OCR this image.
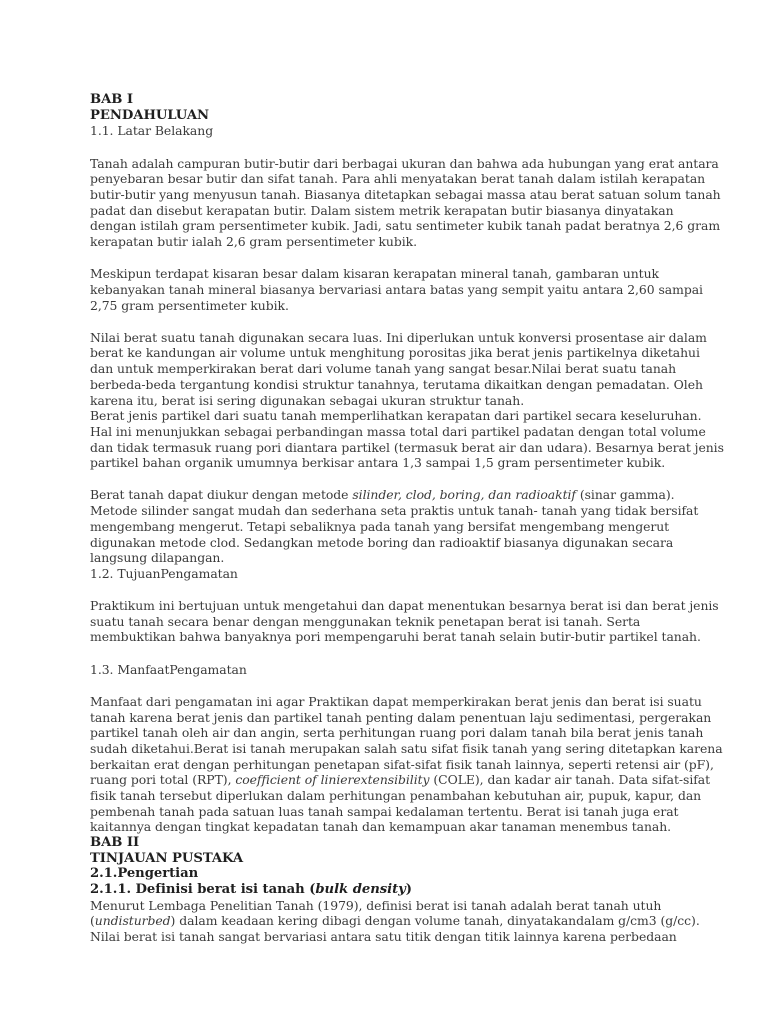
BAB I
PENDAHULUAN
1.1. Latar Belakang
Tanah adalah campuran butir-butir dari berbagai ukuran dan bahwa ada hubungan yang erat antara
penyebaran besar butir dan sifat tanah. Para ahli menyatakan berat tanah dalam istilah kerapatan
butir-butir yang menyusun tanah. Biasanya ditetapkan sebagai massa atau berat satuan solum tanah
padat dan disebut kerapatan butir. Dalam sistem metrik kerapatan butir biasanya dinyatakan
dengan istilah gram persentimeter kubik. Jadi, satu sentimeter kubik tanah padat beratnya 2,6 gram
kerapatan butir ialah 2,6 gram persentimeter kubik.
Meskipun terdapat kisaran besar dalam kisaran kerapatan mineral tanah, gambaran untuk
kebanyakan tanah mineral biasanya bervariasi antara batas yang sempit yaitu antara 2,60 sampai
2,75 gram persentimeter kubik.
Nilai berat suatu tanah digunakan secara luas. Ini diperlukan untuk konversi prosentase air dalam
berat ke kandungan air volume untuk menghitung porositas jika berat jenis partikelnya diketahui
dan untuk memperkirakan berat dari volume tanah yang sangat besar.Nilai berat suatu tanah
berbeda-beda tergantung kondisi struktur tanahnya, terutama dikaitkan dengan pemadatan. Oleh
karena itu, berat isi sering digunakan sebagai ukuran struktur tanah.
Berat jenis partikel dari suatu tanah memperlihatkan kerapatan dari partikel secara keseluruhan.
Hal ini menunjukkan sebagai perbandingan massa total dari partikel padatan dengan total volume
dan tidak termasuk ruang pori diantara partikel (termasuk berat air dan udara). Besarnya berat jenis
partikel bahan organik umumnya berkisar antara 1,3 sampai 1,5 gram persentimeter kubik.
Berat tanah dapat diukur dengan metode silinder, clod, boring, dan radioaktif (sinar gamma).
Metode silinder sangat mudah dan sederhana seta praktis untuk tanah- tanah yang tidak bersifat
mengembang mengerut. Tetapi sebaliknya pada tanah yang bersifat mengembang mengerut
digunakan metode clod. Sedangkan metode boring dan radioaktif biasanya digunakan secara
langsung dilapangan.
1.2. TujuanPengamatan
Praktikum ini bertujuan untuk mengetahui dan dapat menentukan besarnya berat isi dan berat jenis
suatu tanah secara benar dengan menggunakan teknik penetapan berat isi tanah. Serta
membuktikan bahwa banyaknya pori mempengaruhi berat tanah selain butir-butir partikel tanah.
1.3. ManfaatPengamatan
Manfaat dari pengamatan ini agar Praktikan dapat memperkirakan berat jenis dan berat isi suatu
tanah karena berat jenis dan partikel tanah penting dalam penentuan laju sedimentasi, pergerakan
partikel tanah oleh air dan angin, serta perhitungan ruang pori dalam tanah bila berat jenis tanah
sudah diketahui.Berat isi tanah merupakan salah satu sifat fisik tanah yang sering ditetapkan karena
berkaitan erat dengan perhitungan penetapan sifat-sifat fisik tanah lainnya, seperti retensi air (pF),
ruang pori total (RPT), coefficient of linierextensibility (COLE), dan kadar air tanah. Data sifat-sifat
fisik tanah tersebut diperlukan dalam perhitungan penambahan kebutuhan air, pupuk, kapur, dan
pembenah tanah pada satuan luas tanah sampai kedalaman tertentu. Berat isi tanah juga erat
kaitannya dengan tingkat kepadatan tanah dan kemampuan akar tanaman menembus tanah.
BAB II
TINJAUAN PUSTAKA
2.1.Pengertian
2.1.1. Definisi berat isi tanah (bulk density)
Menurut Lembaga Penelitian Tanah (1979), definisi berat isi tanah adalah berat tanah utuh
(undisturbed) dalam keadaan kering dibagi dengan volume tanah, dinyatakandalam g/cm3 (g/cc).
Nilai berat isi tanah sangat bervariasi antara satu titik dengan titik lainnya karena perbedaan
